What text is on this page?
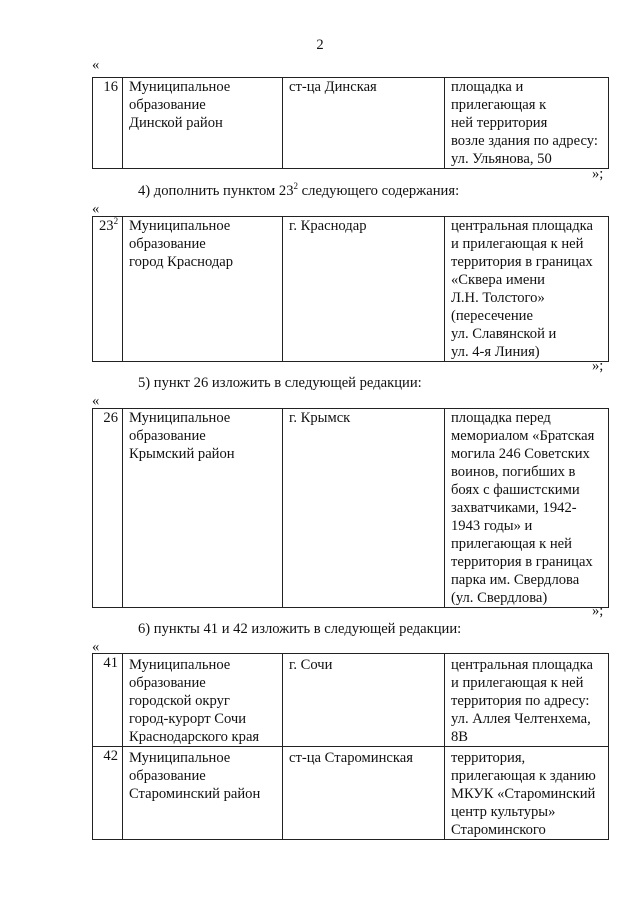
2
«
16	Муниципальное
образование
Динской район	ст-ца Динская	площадка и
прилегающая к
ней территория
возле здания по адресу:
ул. Ульянова, 50
»;
4) дополнить пунктом $23^2$ следующего содержания:
«
$23^2$	Муниципальное
образование
город Краснодар	г. Краснодар	центральная площадка
и прилегающая к ней
территория в границах
«Сквера имени
Л.Н. Толстого»
(пересечение
ул. Славянской и
ул. 4-я Линия)
»;
5) пункт 26 изложить в следующей редакции:
«
26	Муниципальное
образование
Крымский район	г. Крымск	площадка перед
мемориалом «Братская
могила 246 Советских
воинов, погибших в
боях с фашистскими
захватчиками, 1942-
1943 годы» и
прилегающая к ней
территория в границах
парка им. Свердлова
(ул. Свердлова)
»;
6) пункты 41 и 42 изложить в следующей редакции:
«
41	Муниципальное
образование
городской округ
город-курорт Сочи
Краснодарского края	г. Сочи	центральная площадка
и прилегающая к ней
территория по адресу:
ул. Аллея Челтенхема,
8В
42	Муниципальное
образование
Староминский район	ст-ца Староминская	территория,
прилегающая к зданию
МКУК «Староминский
центр культуры»
Староминского
